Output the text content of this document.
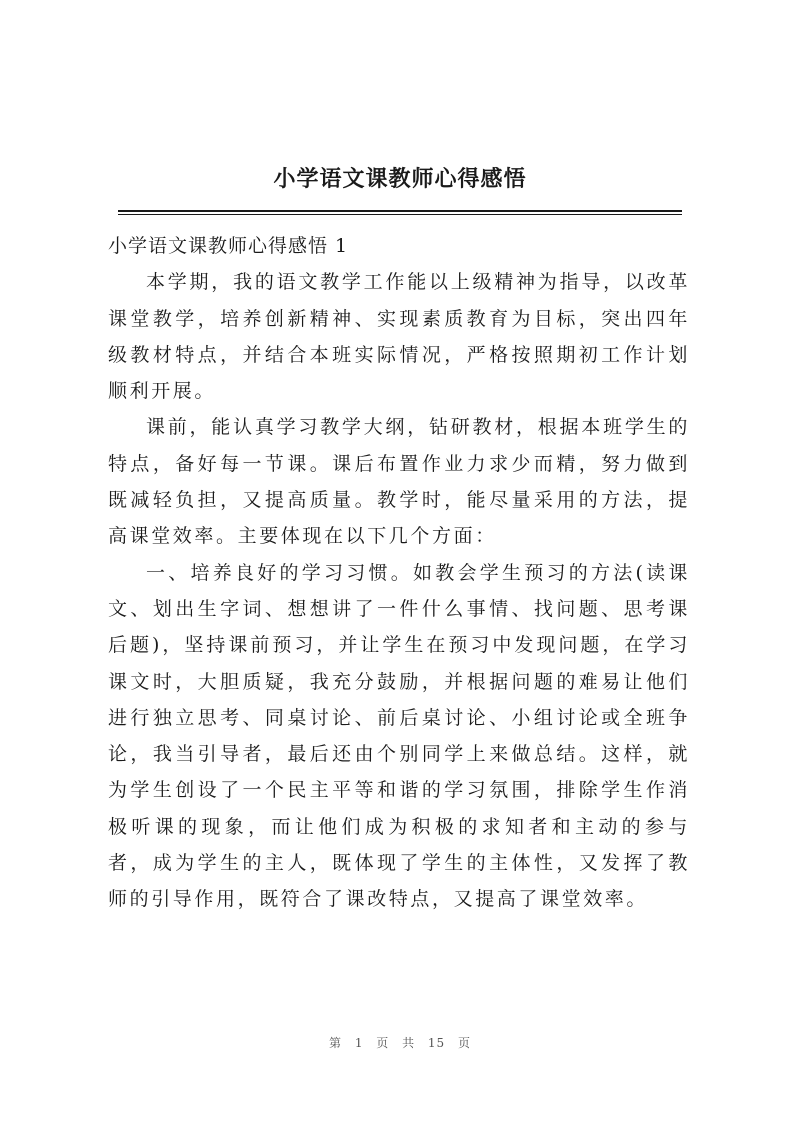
小学语文课教师心得感悟

小学语文课教师心得感悟 1

本学期，我的语文教学工作能以上级精神为指导，以改革课堂教学，培养创新精神、实现素质教育为目标，突出四年级教材特点，并结合本班实际情况，严格按照期初工作计划顺利开展。

课前，能认真学习教学大纲，钻研教材，根据本班学生的特点，备好每一节课。课后布置作业力求少而精，努力做到既减轻负担，又提高质量。教学时，能尽量采用的方法，提高课堂效率。主要体现在以下几个方面：

一、培养良好的学习习惯。如教会学生预习的方法(读课文、划出生字词、想想讲了一件什么事情、找问题、思考课后题)，坚持课前预习，并让学生在预习中发现问题，在学习课文时，大胆质疑，我充分鼓励，并根据问题的难易让他们进行独立思考、同桌讨论、前后桌讨论、小组讨论或全班争论，我当引导者，最后还由个别同学上来做总结。这样，就为学生创设了一个民主平等和谐的学习氛围，排除学生作消极听课的现象，而让他们成为积极的求知者和主动的参与者，成为学生的主人，既体现了学生的主体性，又发挥了教师的引导作用，既符合了课改特点，又提高了课堂效率。

第 1 页 共 15 页
